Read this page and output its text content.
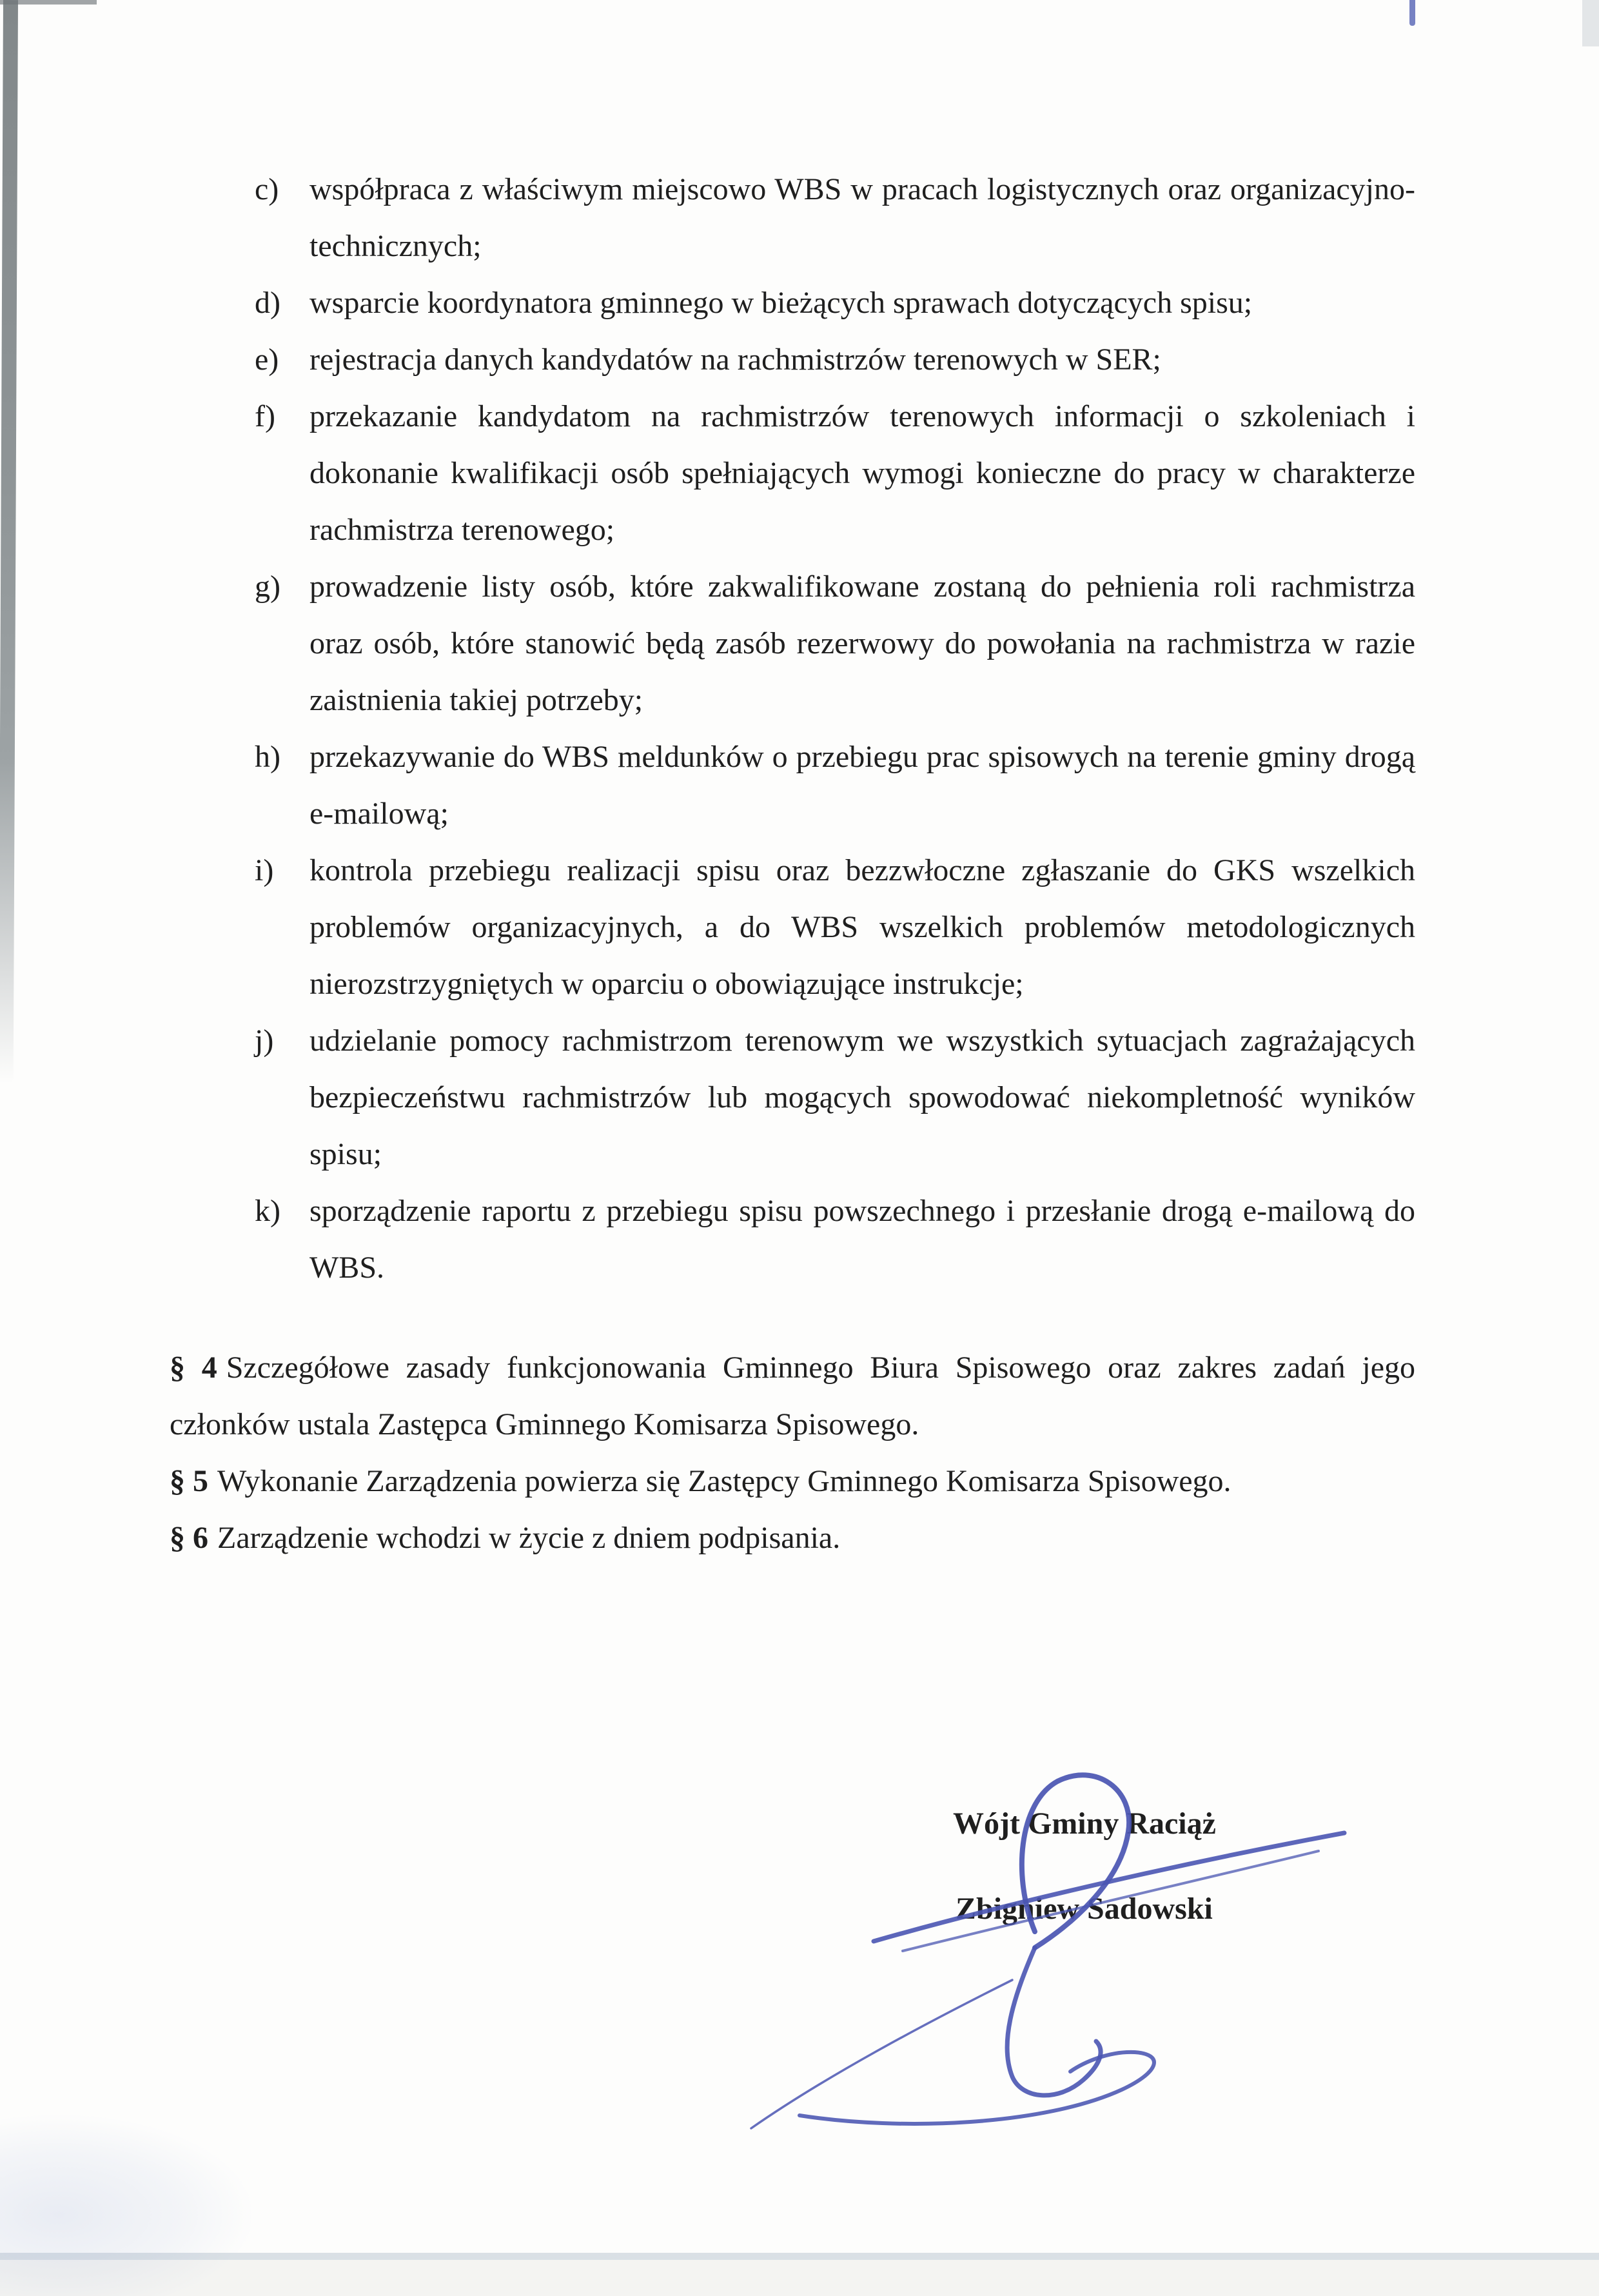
c) współpraca z właściwym miejscowo WBS w pracach logistycznych oraz organizacyjno-technicznych;
d) wsparcie koordynatora gminnego w bieżących sprawach dotyczących spisu;
e) rejestracja danych kandydatów na rachmistrzów terenowych w SER;
f) przekazanie kandydatom na rachmistrzów terenowych informacji o szkoleniach i dokonanie kwalifikacji osób spełniających wymogi konieczne do pracy w charakterze rachmistrza terenowego;
g) prowadzenie listy osób, które zakwalifikowane zostaną do pełnienia roli rachmistrza oraz osób, które stanowić będą zasób rezerwowy do powołania na rachmistrza w razie zaistnienia takiej potrzeby;
h) przekazywanie do WBS meldunków o przebiegu prac spisowych na terenie gminy drogą e-mailową;
i) kontrola przebiegu realizacji spisu oraz bezzwłoczne zgłaszanie do GKS wszelkich problemów organizacyjnych, a do WBS wszelkich problemów metodologicznych nierozstrzygniętych w oparciu o obowiązujące instrukcje;
j) udzielanie pomocy rachmistrzom terenowym we wszystkich sytuacjach zagrażających bezpieczeństwu rachmistrzów lub mogących spowodować niekompletność wyników spisu;
k) sporządzenie raportu z przebiegu spisu powszechnego i przesłanie drogą e-mailową do WBS.
§ 4 Szczegółowe zasady funkcjonowania Gminnego Biura Spisowego oraz zakres zadań jego członków ustala Zastępca Gminnego Komisarza Spisowego.
§ 5 Wykonanie Zarządzenia powierza się Zastępcy Gminnego Komisarza Spisowego.
§ 6 Zarządzenie wchodzi w życie z dniem podpisania.
Wójt Gminy Raciąż
Zbigniew Sadowski
